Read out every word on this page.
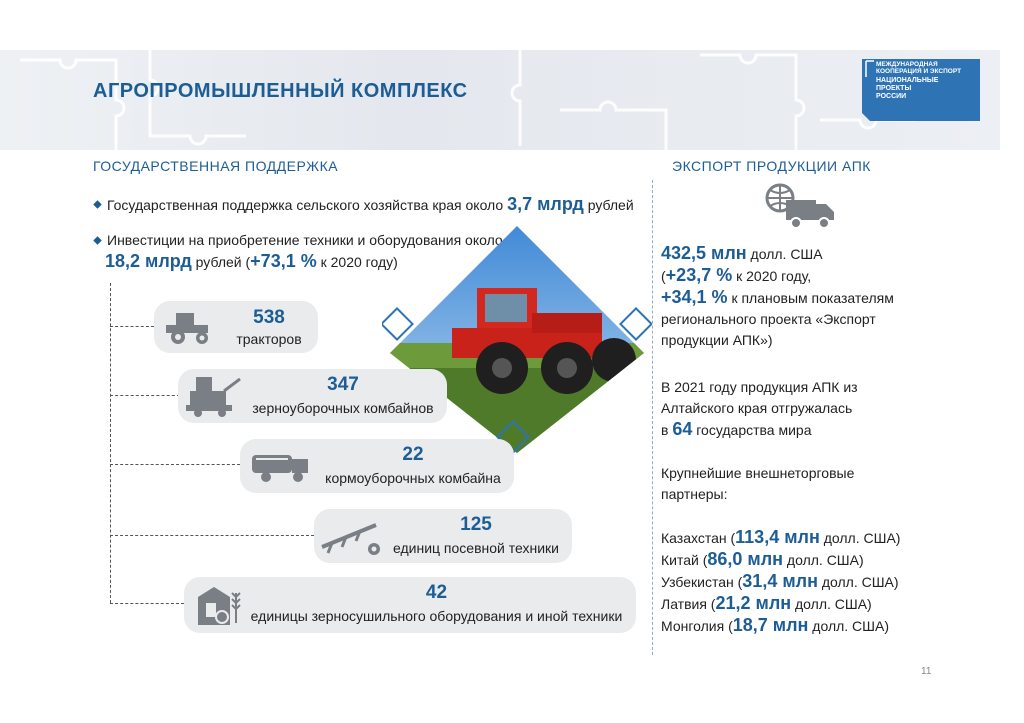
АГРОПРОМЫШЛЕННЫЙ КОМПЛЕКС
МЕЖДУНАРОДНАЯ
КООПЕРАЦИЯ И ЭКСПОРТ
НАЦИОНАЛЬНЫЕ
ПРОЕКТЫ
РОССИИ
ГОСУДАРСТВЕННАЯ ПОДДЕРЖКА
Государственная поддержка сельского хозяйства края около 3,7 млрд рублей
Инвестиции на приобретение техники и оборудования около
18,2 млрд рублей (+73,1 % к 2020 году)
538
тракторов
347
зерноуборочных комбайнов
22
кормоуборочных комбайна
125
единиц посевной техники
42
единицы зерносушильного оборудования и иной техники
ЭКСПОРТ ПРОДУКЦИИ АПК
432,5 млн долл. США
(+23,7 % к 2020 году,
+34,1 % к плановым показателям
регионального проекта «Экспорт
продукции АПК»)
В 2021 году продукция АПК из
Алтайского края отгружалась
в 64 государства мира
Крупнейшие внешнеторговые
партнеры:
Казахстан (113,4 млн долл. США)
Китай (86,0 млн долл. США)
Узбекистан (31,4 млн долл. США)
Латвия (21,2 млн долл. США)
Монголия (18,7 млн долл. США)
11
